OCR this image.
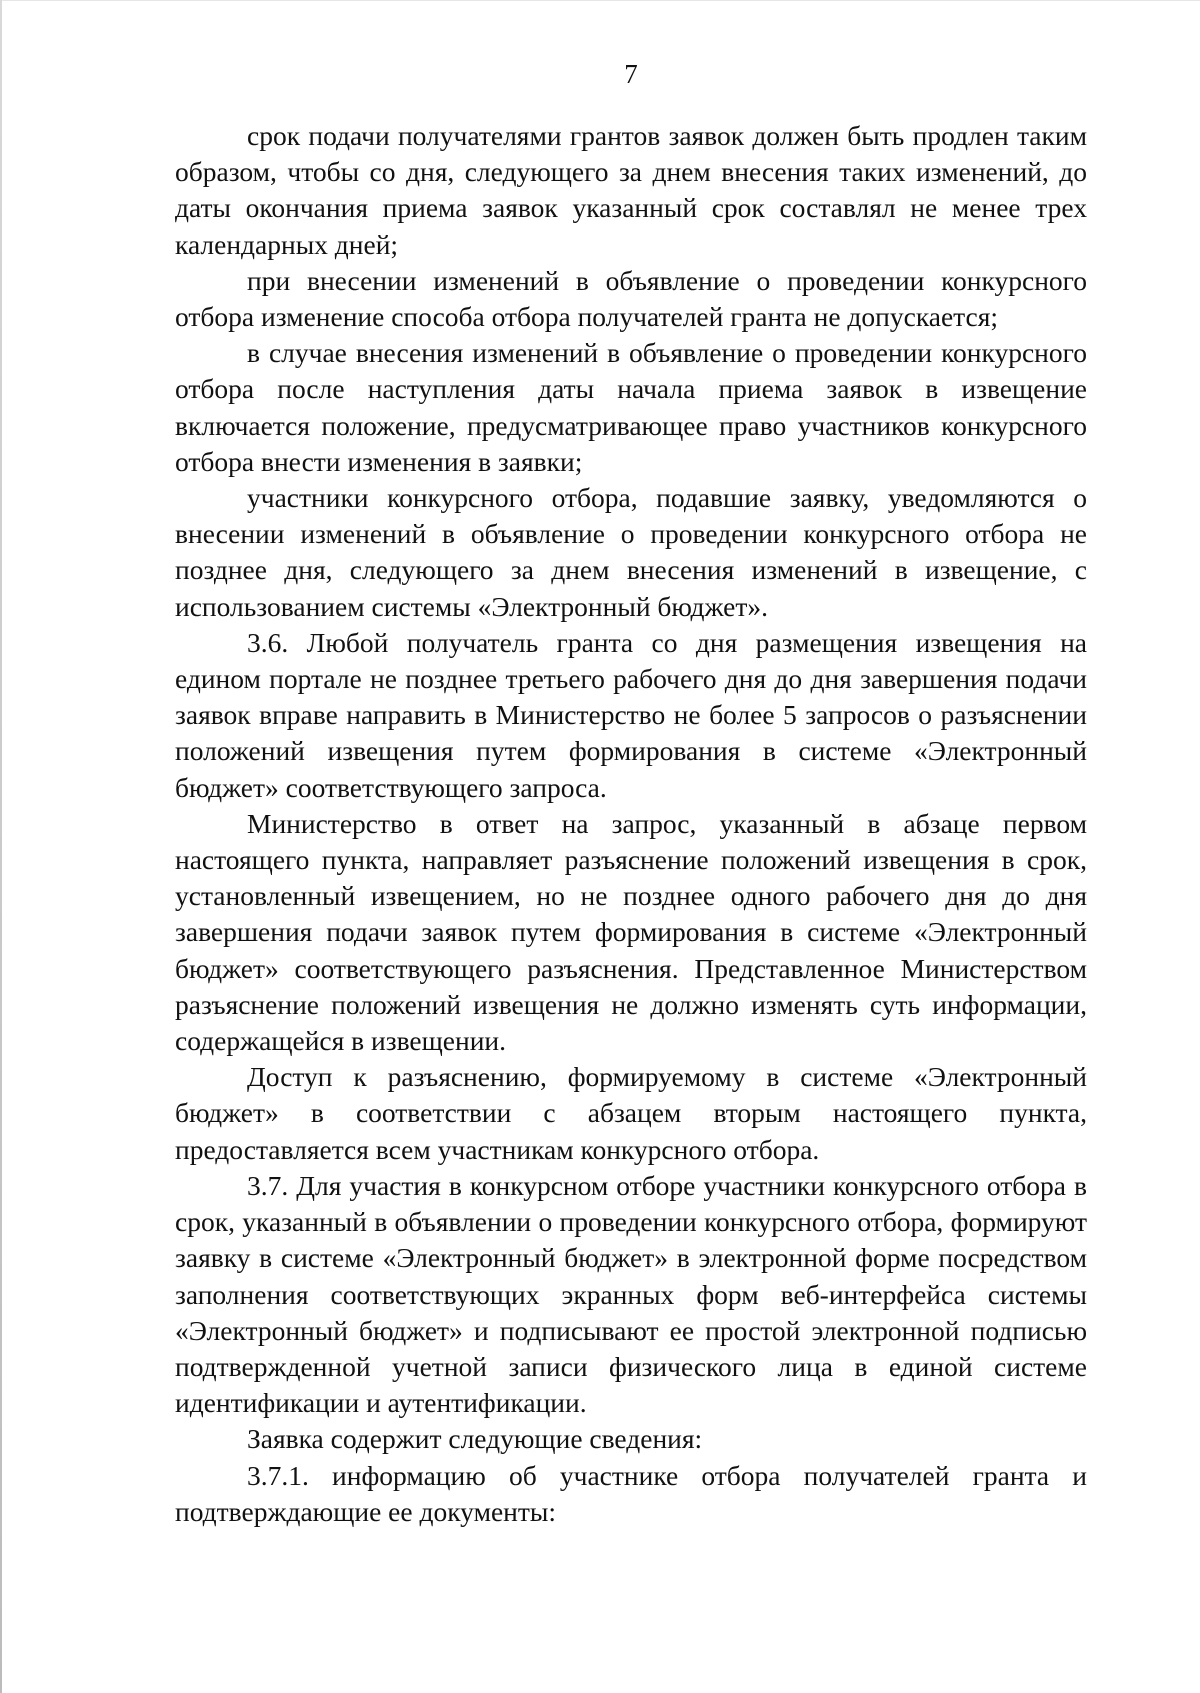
7

срок подачи получателями грантов заявок должен быть продлен таким образом, чтобы со дня, следующего за днем внесения таких изменений, до даты окончания приема заявок указанный срок составлял не менее трех календарных дней;

при внесении изменений в объявление о проведении конкурсного отбора изменение способа отбора получателей гранта не допускается;

в случае внесения изменений в объявление о проведении конкурсного отбора после наступления даты начала приема заявок в извещение включается положение, предусматривающее право участников конкурсного отбора внести изменения в заявки;

участники конкурсного отбора, подавшие заявку, уведомляются о внесении изменений в объявление о проведении конкурсного отбора не позднее дня, следующего за днем внесения изменений в извещение, с использованием системы «Электронный бюджет».

3.6. Любой получатель гранта со дня размещения извещения на едином портале не позднее третьего рабочего дня до дня завершения подачи заявок вправе направить в Министерство не более 5 запросов о разъяснении положений извещения путем формирования в системе «Электронный бюджет» соответствующего запроса.

Министерство в ответ на запрос, указанный в абзаце первом настоящего пункта, направляет разъяснение положений извещения в срок, установленный извещением, но не позднее одного рабочего дня до дня завершения подачи заявок путем формирования в системе «Электронный бюджет» соответствующего разъяснения. Представленное Министерством разъяснение положений извещения не должно изменять суть информации, содержащейся в извещении.

Доступ к разъяснению, формируемому в системе «Электронный бюджет» в соответствии с абзацем вторым настоящего пункта, предоставляется всем участникам конкурсного отбора.

3.7. Для участия в конкурсном отборе участники конкурсного отбора в срок, указанный в объявлении о проведении конкурсного отбора, формируют заявку в системе «Электронный бюджет» в электронной форме посредством заполнения соответствующих экранных форм веб-интерфейса системы «Электронный бюджет» и подписывают ее простой электронной подписью подтвержденной учетной записи физического лица в единой системе идентификации и аутентификации.

Заявка содержит следующие сведения:

3.7.1. информацию об участнике отбора получателей гранта и подтверждающие ее документы:
